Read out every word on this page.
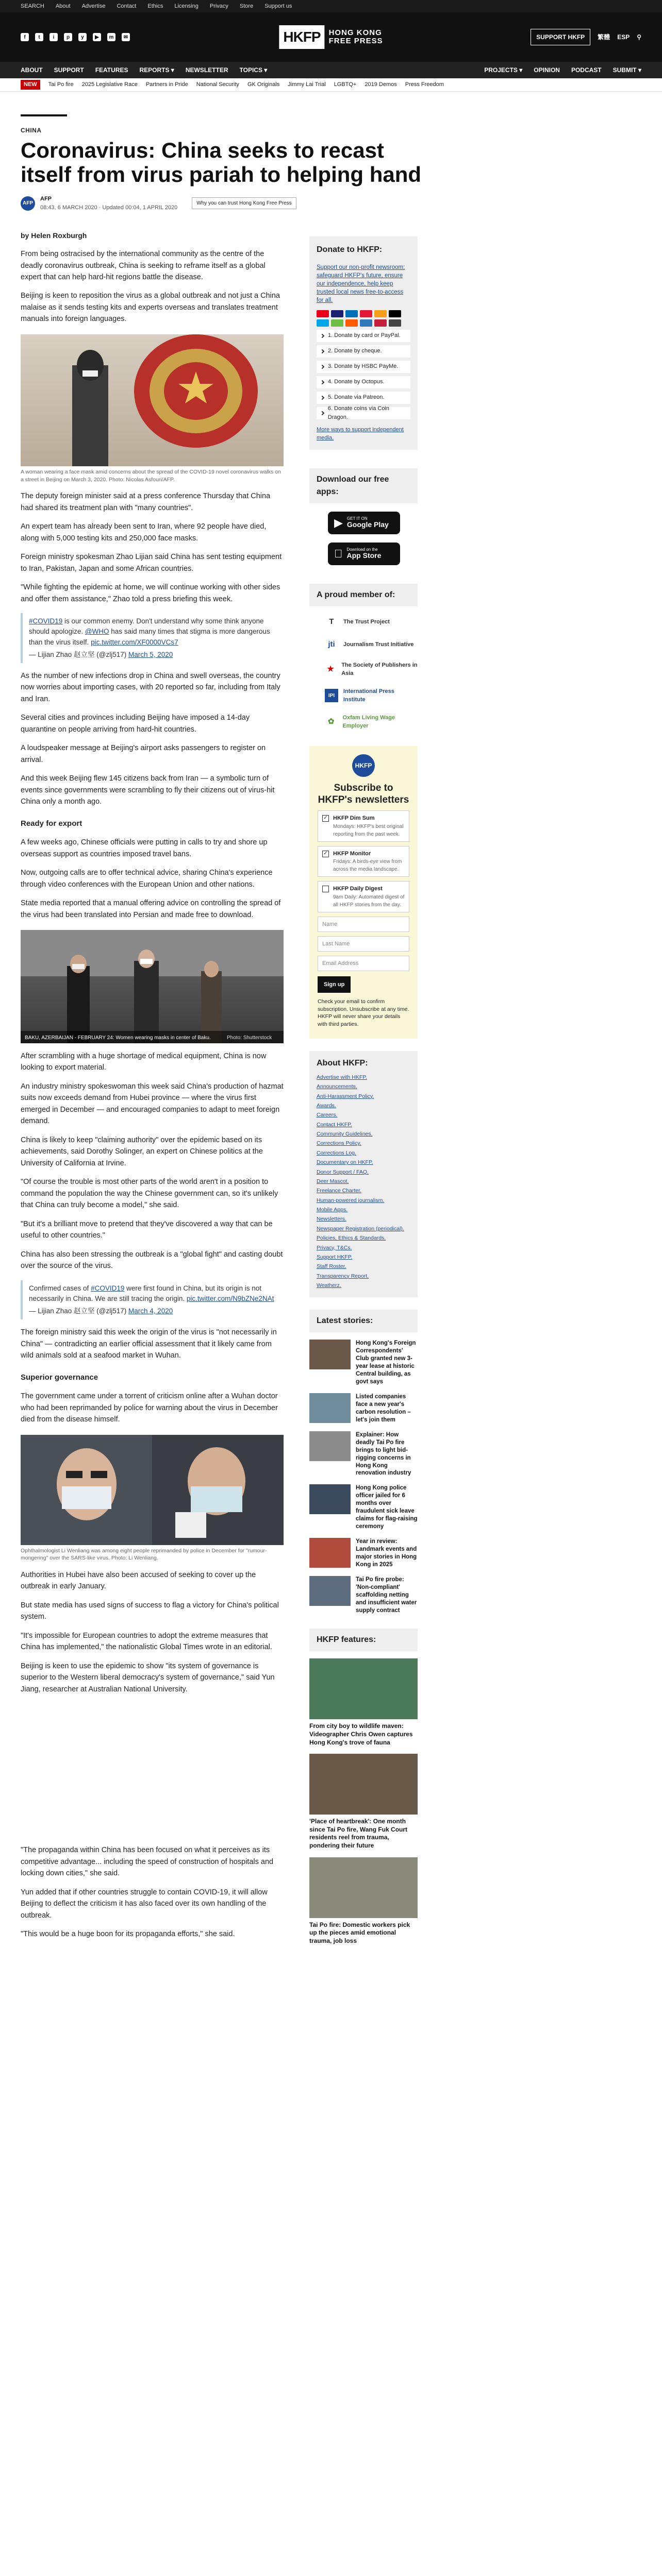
SEARCH About Advertise Contact Ethics Licensing Privacy Store Support us
f	t	i	p	y	▶	m	✉	HKFP	HONG KONG
FREE PRESS	SUPPORT HKFP	繁體 ESP ⚲
ABOUT SUPPORT FEATURES REPORTS ▾ NEWSLETTER TOPICS ▾	PROJECTS ▾ OPINION PODCAST SUBMIT ▾
NEW	Tai Po fire 2025 Legislative Race Partners in Pride National Security GK Originals Jimmy Lai Trial LGBTQ+ 2019 Demos Press Freedom
CHINA
Coronavirus: China seeks to recast itself from virus pariah to helping hand
AFP
AFP
08:43, 6 MARCH 2020 · Updated 00:04, 1 APRIL 2020
Why you can trust Hong Kong Free Press
by Helen Roxburgh

From being ostracised by the international community as the centre of the deadly coronavirus outbreak, China is seeking to reframe itself as a global expert that can help hard-hit regions battle the disease.

Beijing is keen to reposition the virus as a global outbreak and not just a China malaise as it sends testing kits and experts overseas and translates treatment manuals into foreign languages.

A woman wearing a face mask amid concerns about the spread of the COVID-19 novel coronavirus walks on a street in Beijing on March 3, 2020. Photo: Nicolas Asfouri/AFP.

The deputy foreign minister said at a press conference Thursday that China had shared its treatment plan with "many countries".

An expert team has already been sent to Iran, where 92 people have died, along with 5,000 testing kits and 250,000 face masks.

Foreign ministry spokesman Zhao Lijian said China has sent testing equipment to Iran, Pakistan, Japan and some African countries.

"While fighting the epidemic at home, we will continue working with other sides and offer them assistance," Zhao told a press briefing this week.

#COVID19 is our common enemy. Don't understand why some think anyone should apologize. @WHO has said many times that stigma is more dangerous than the virus itself. pic.twitter.com/XF0000VCs7
— Lijian Zhao 赵立坚 (@zlj517) March 5, 2020

As the number of new infections drop in China and swell overseas, the country now worries about importing cases, with 20 reported so far, including from Italy and Iran.

Several cities and provinces including Beijing have imposed a 14-day quarantine on people arriving from hard-hit countries.

A loudspeaker message at Beijing's airport asks passengers to register on arrival.

And this week Beijing flew 145 citizens back from Iran — a symbolic turn of events since governments were scrambling to fly their citizens out of virus-hit China only a month ago.

Ready for export

A few weeks ago, Chinese officials were putting in calls to try and shore up overseas support as countries imposed travel bans.

Now, outgoing calls are to offer technical advice, sharing China's experience through video conferences with the European Union and other nations.

State media reported that a manual offering advice on controlling the spread of the virus had been translated into Persian and made free to download.

BAKU, AZERBAIJAN - FEBRUARY 24: Women wearing masks in center of Baku.	Photo: Shutterstock

After scrambling with a huge shortage of medical equipment, China is now looking to export material.

An industry ministry spokeswoman this week said China's production of hazmat suits now exceeds demand from Hubei province — where the virus first emerged in December — and encouraged companies to adapt to meet foreign demand.

China is likely to keep "claiming authority" over the epidemic based on its achievements, said Dorothy Solinger, an expert on Chinese politics at the University of California at Irvine.

"Of course the trouble is most other parts of the world aren't in a position to command the population the way the Chinese government can, so it's unlikely that China can truly become a model," she said.

"But it's a brilliant move to pretend that they've discovered a way that can be useful to other countries."

China has also been stressing the outbreak is a "global fight" and casting doubt over the source of the virus.

Confirmed cases of #COVID19 were first found in China, but its origin is not necessarily in China. We are still tracing the origin. pic.twitter.com/N9bZNe2NAt
— Lijian Zhao 赵立坚 (@zlj517) March 4, 2020

The foreign ministry said this week the origin of the virus is "not necessarily in China" — contradicting an earlier official assessment that it likely came from wild animals sold at a seafood market in Wuhan.

Superior governance

The government came under a torrent of criticism online after a Wuhan doctor who had been reprimanded by police for warning about the virus in December died from the disease himself.

Ophthalmologist Li Wenliang was among eight people reprimanded by police in December for "rumour-mongering" over the SARS-like virus. Photo: Li Wenliang.

Authorities in Hubei have also been accused of seeking to cover up the outbreak in early January.

But state media has used signs of success to flag a victory for China's political system.

"It's impossible for European countries to adopt the extreme measures that China has implemented," the nationalistic Global Times wrote in an editorial.

Beijing is keen to use the epidemic to show "its system of governance is superior to the Western liberal democracy's system of governance," said Yun Jiang, researcher at Australian National University.

"The propaganda within China has been focused on what it perceives as its competitive advantage... including the speed of construction of hospitals and locking down cities," she said.

Yun added that if other countries struggle to contain COVID-19, it will allow Beijing to deflect the criticism it has also faced over its own handling of the outbreak.

"This would be a huge boon for its propaganda efforts," she said.

Donate to HKFP:
Support our non-profit newsroom: safeguard HKFP's future, ensure our independence, help keep trusted local news free-to-access for all.
1. Donate by card or PayPal.
2. Donate by cheque.
3. Donate by HSBC PayMe.
4. Donate by Octopus.
5. Donate via Patreon.
6. Donate coins via Coin Dragon.
More ways to support independent media.
Download our free apps:
▶ GET IT ON
Google Play
Download on the
App Store
A proud member of:
T	The Trust Project
jti	Journalism Trust Initiative
★	The Society of Publishers in Asia
IPI
International Press Institute
✿	Oxfam Living Wage Employer
HKFP
Subscribe to HKFP's newsletters
✓ HKFP Dim Sum
Mondays: HKFP's best original reporting from the past week.
✓ HKFP Monitor
Fridays: A birds-eye view from across the media landscape.
HKFP Daily Digest
9am Daily: Automated digest of all HKFP stories from the day.
Name
Last Name
Email Address
Sign up
Check your email to confirm subscription. Unsubscribe at any time. HKFP will never share your details with third parties.
About HKFP:
Advertise with HKFP.
Announcements.
Anti-Harassment Policy.
Awards.
Careers.
Contact HKFP.
Community Guidelines.
Corrections Policy.
Corrections Log.
Documentary on HKFP.
Donor Support / FAQ.
Deer Mascot.
Freelance Charter.
Human-powered journalism.
Mobile Apps.
Newsletters.
Newspaper Registration (periodical).
Policies, Ethics & Standards.
Privacy, T&Cs.
Support HKFP.
Staff Roster.
Transparency Report.
Weatherz.
Latest stories:
Hong Kong's Foreign Correspondents' Club granted new 3-year lease at historic Central building, as govt says
Listed companies face a new year's carbon resolution – let's join them
Explainer: How deadly Tai Po fire brings to light bid-rigging concerns in Hong Kong renovation industry
Hong Kong police officer jailed for 6 months over fraudulent sick leave claims for flag-raising ceremony
Year in review: Landmark events and major stories in Hong Kong in 2025
Tai Po fire probe: 'Non-compliant' scaffolding netting and insufficient water supply contract
HKFP features:
From city boy to wildlife maven: Videographer Chris Owen captures Hong Kong's trove of fauna
'Place of heartbreak': One month since Tai Po fire, Wang Fuk Court residents reel from trauma, pondering their future
Tai Po fire: Domestic workers pick up the pieces amid emotional trauma, job loss
